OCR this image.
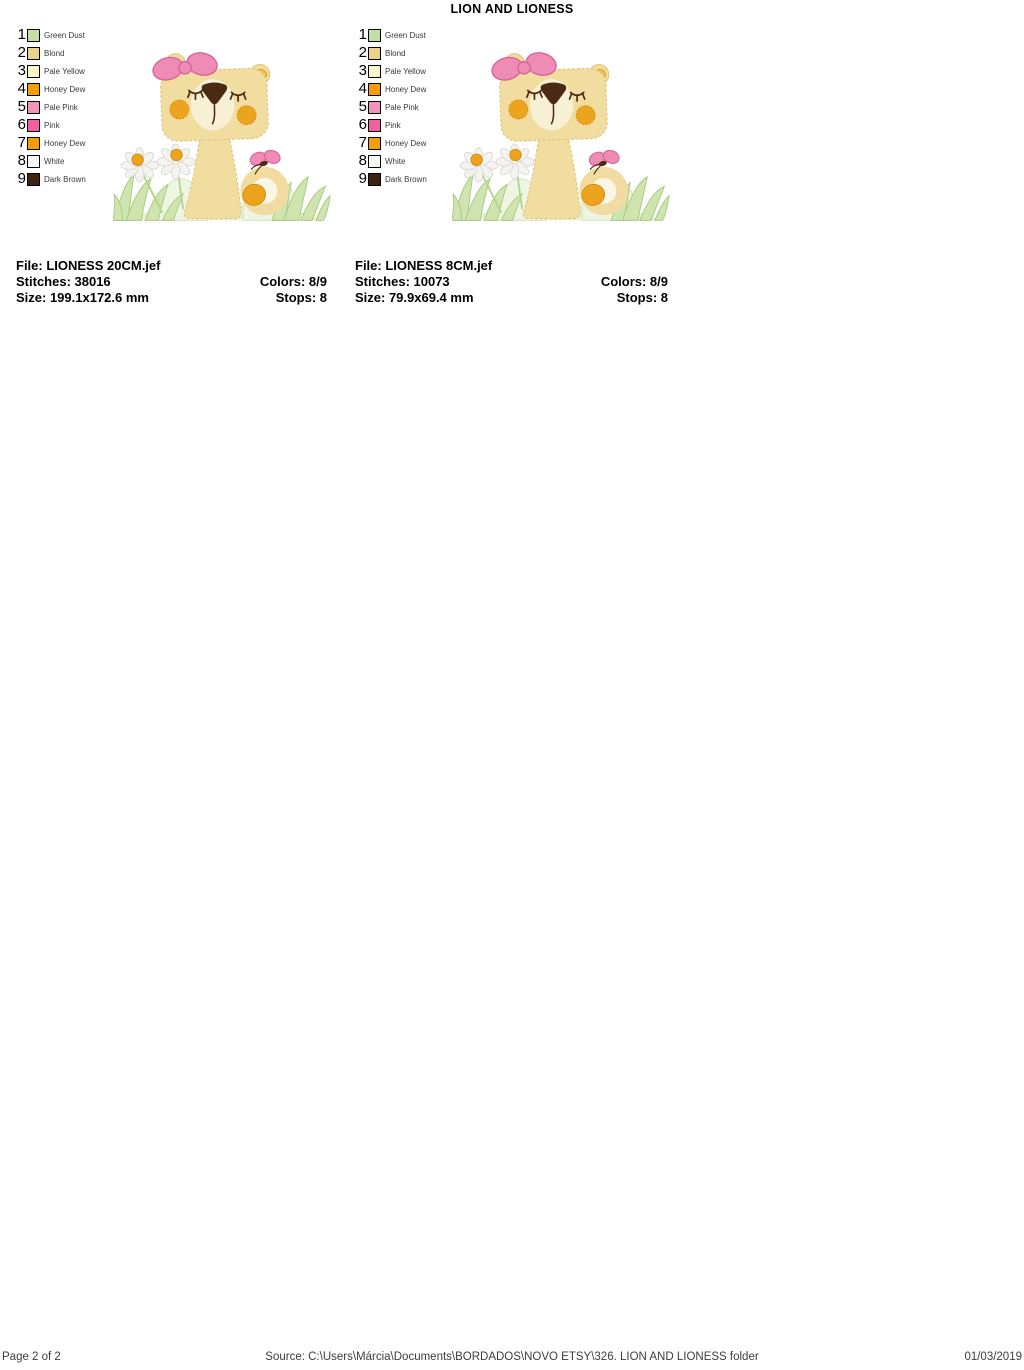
LION AND LIONESS
1 Green Dust
2 Blond
3 Pale Yellow
4 Honey Dew
5 Pale Pink
6 Pink
7 Honey Dew
8 White
9 Dark Brown
1 Green Dust
2 Blond
3 Pale Yellow
4 Honey Dew
5 Pale Pink
6 Pink
7 Honey Dew
8 White
9 Dark Brown
File: LIONESS 20CM.jef
Stitches: 38016	Colors: 8/9
Size: 199.1x172.6 mm	Stops: 8
File: LIONESS 8CM.jef
Stitches: 10073	Colors: 8/9
Size: 79.9x69.4 mm	Stops: 8
Page 2 of 2	Source: C:\Users\Márcia\Documents\BORDADOS\NOVO ETSY\326. LION AND LIONESS folder	01/03/2019
